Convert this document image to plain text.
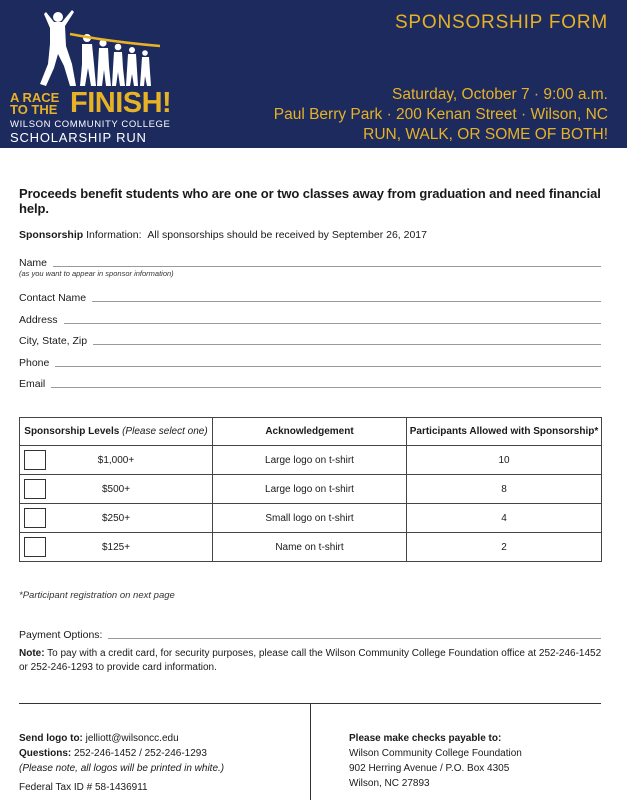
A RACE
TO THE FINISH!
WILSON COMMUNITY COLLEGE
SCHOLARSHIP RUN
SPONSORSHIP FORM
Saturday, October 7 · 9:00 a.m.
Paul Berry Park · 200 Kenan Street · Wilson, NC
RUN, WALK, OR SOME OF BOTH!
Proceeds benefit students who are one or two classes away from graduation and need financial help.
Sponsorship Information: All sponsorships should be received by September 26, 2017
Name
(as you want to appear in sponsor information)
Contact Name
Address
City, State, Zip
Phone
Email
Sponsorship Levels (Please select one)	Acknowledgement	Participants Allowed with Sponsorship*

$1,000+	Large logo on t-shirt	10

$500+	Large logo on t-shirt	8

$250+	Small logo on t-shirt	4

$125+	Name on t-shirt	2
*Participant registration on next page
Payment Options:
Note: To pay with a credit card, for security purposes, please call the Wilson Community College Foundation office at 252-246-1452 or 252-246-1293 to provide card information.
Send logo to: jelliott@wilsoncc.edu
Questions: 252-246-1452 / 252-246-1293
(Please note, all logos will be printed in white.)
Federal Tax ID # 58-1436911
Please make checks payable to:
Wilson Community College Foundation
902 Herring Avenue / P.O. Box 4305
Wilson, NC 27893
